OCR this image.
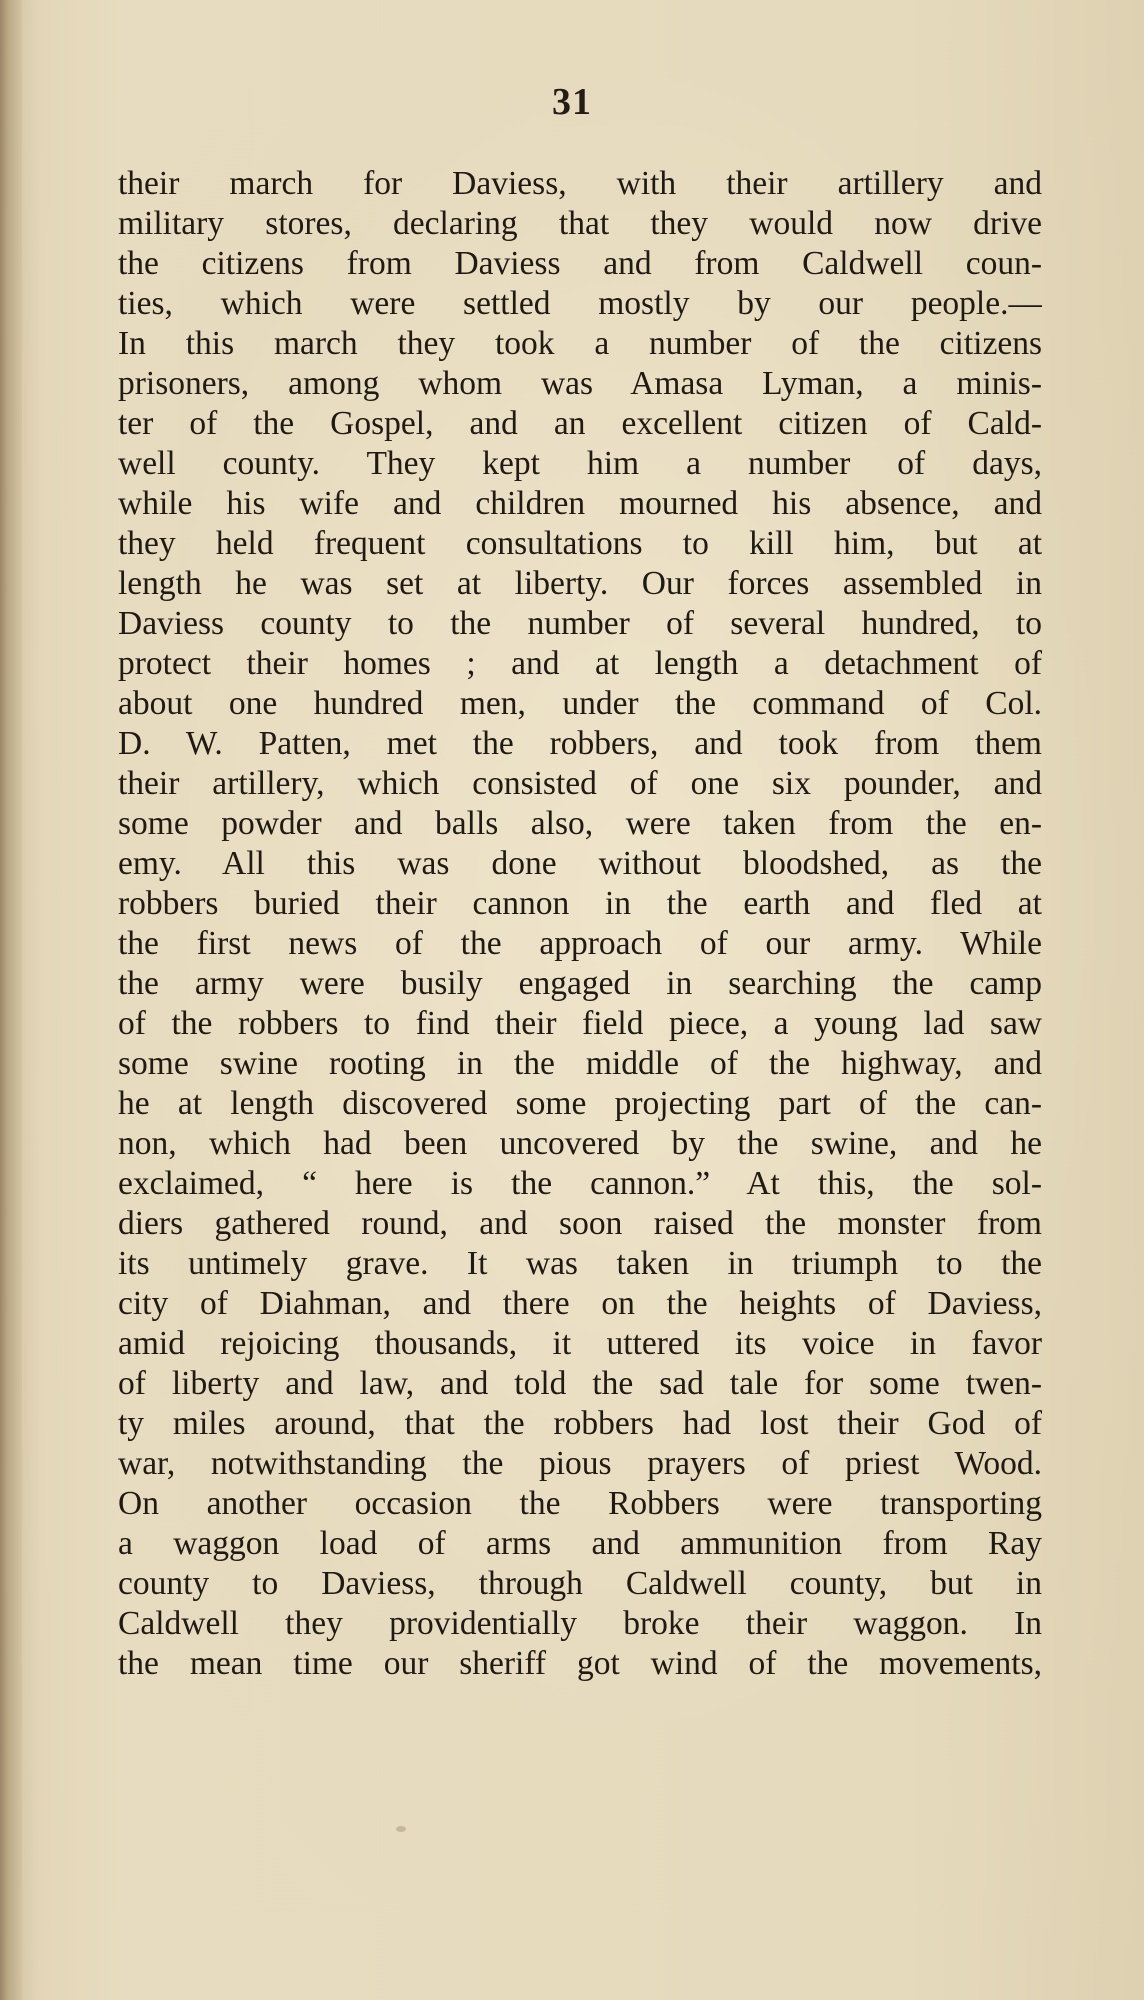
31
their march for Daviess, with their artillery and
military stores, declaring that they would now drive
the citizens from Daviess and from Caldwell coun-
ties, which were settled mostly by our people.—
In this march they took a number of the citizens
prisoners, among whom was Amasa Lyman, a minis-
ter of the Gospel, and an excellent citizen of Cald-
well county. They kept him a number of days,
while his wife and children mourned his absence, and
they held frequent consultations to kill him, but at
length he was set at liberty. Our forces assembled in
Daviess county to the number of several hundred, to
protect their homes ; and at length a detachment of
about one hundred men, under the command of Col.
D. W. Patten, met the robbers, and took from them
their artillery, which consisted of one six pounder, and
some powder and balls also, were taken from the en-
emy. All this was done without bloodshed, as the
robbers buried their cannon in the earth and fled at
the first news of the approach of our army. While
the army were busily engaged in searching the camp
of the robbers to find their field piece, a young lad saw
some swine rooting in the middle of the highway, and
he at length discovered some projecting part of the can-
non, which had been uncovered by the swine, and he
exclaimed, “ here is the cannon.” At this, the sol-
diers gathered round, and soon raised the monster from
its untimely grave. It was taken in triumph to the
city of Diahman, and there on the heights of Daviess,
amid rejoicing thousands, it uttered its voice in favor
of liberty and law, and told the sad tale for some twen-
ty miles around, that the robbers had lost their God of
war, notwithstanding the pious prayers of priest Wood.
On another occasion the Robbers were transporting
a waggon load of arms and ammunition from Ray
county to Daviess, through Caldwell county, but in
Caldwell they providentially broke their waggon. In
the mean time our sheriff got wind of the movements,
